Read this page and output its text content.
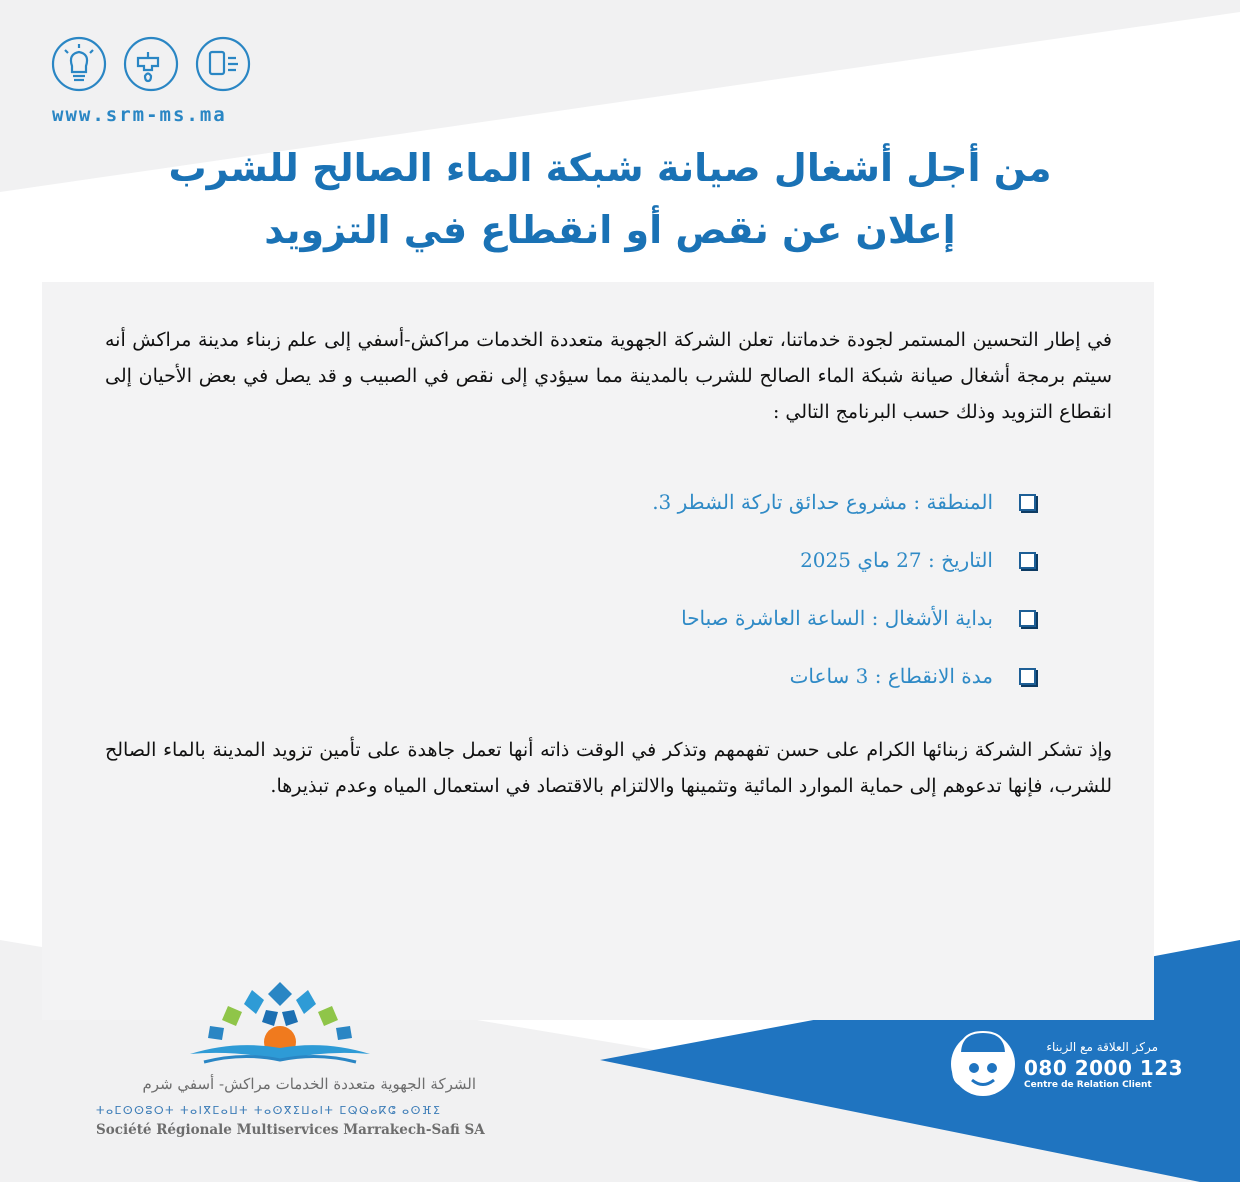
www.srm-ms.ma
من أجل أشغال صيانة شبكة الماء الصالح للشرب
إعلان عن نقص أو انقطاع في التزويد
في إطار التحسين المستمر لجودة خدماتنا، تعلن الشركة الجهوية متعددة الخدمات مراكش-أسفي إلى علم زبناء مدينة مراكش أنه سيتم برمجة أشغال صيانة شبكة الماء الصالح للشرب بالمدينة مما سيؤدي إلى نقص في الصبيب و قد يصل في بعض الأحيان إلى انقطاع التزويد وذلك حسب البرنامج التالي :
المنطقة : مشروع حدائق تاركة الشطر 3.
التاريخ : 27 ماي 2025
بداية الأشغال : الساعة العاشرة صباحا
مدة الانقطاع : 3 ساعات
وإذ تشكر الشركة زبنائها الكرام على حسن تفهمهم وتذكر في الوقت ذاته أنها تعمل جاهدة على تأمين تزويد المدينة بالماء الصالح للشرب، فإنها تدعوهم إلى حماية الموارد المائية وتثمينها والالتزام بالاقتصاد في استعمال المياه وعدم تبذيرها.
الشركة الجهوية متعددة الخدمات مراكش- أسفي شرم
ⵜⴰⵎⵙⵙⵓⵔⵜ ⵜⴰⵏⴳⵎⴰⵡⵜ ⵜⴰⵙⴳⵉⵡⴰⵏⵜ ⵎⵕⵕⴰⴽⵛ ⴰⵙⴼⵉ
Société Régionale Multiservices Marrakech-Safi SA
مركز العلاقة مع الزبناء
080 2000 123
Centre de Relation Client
